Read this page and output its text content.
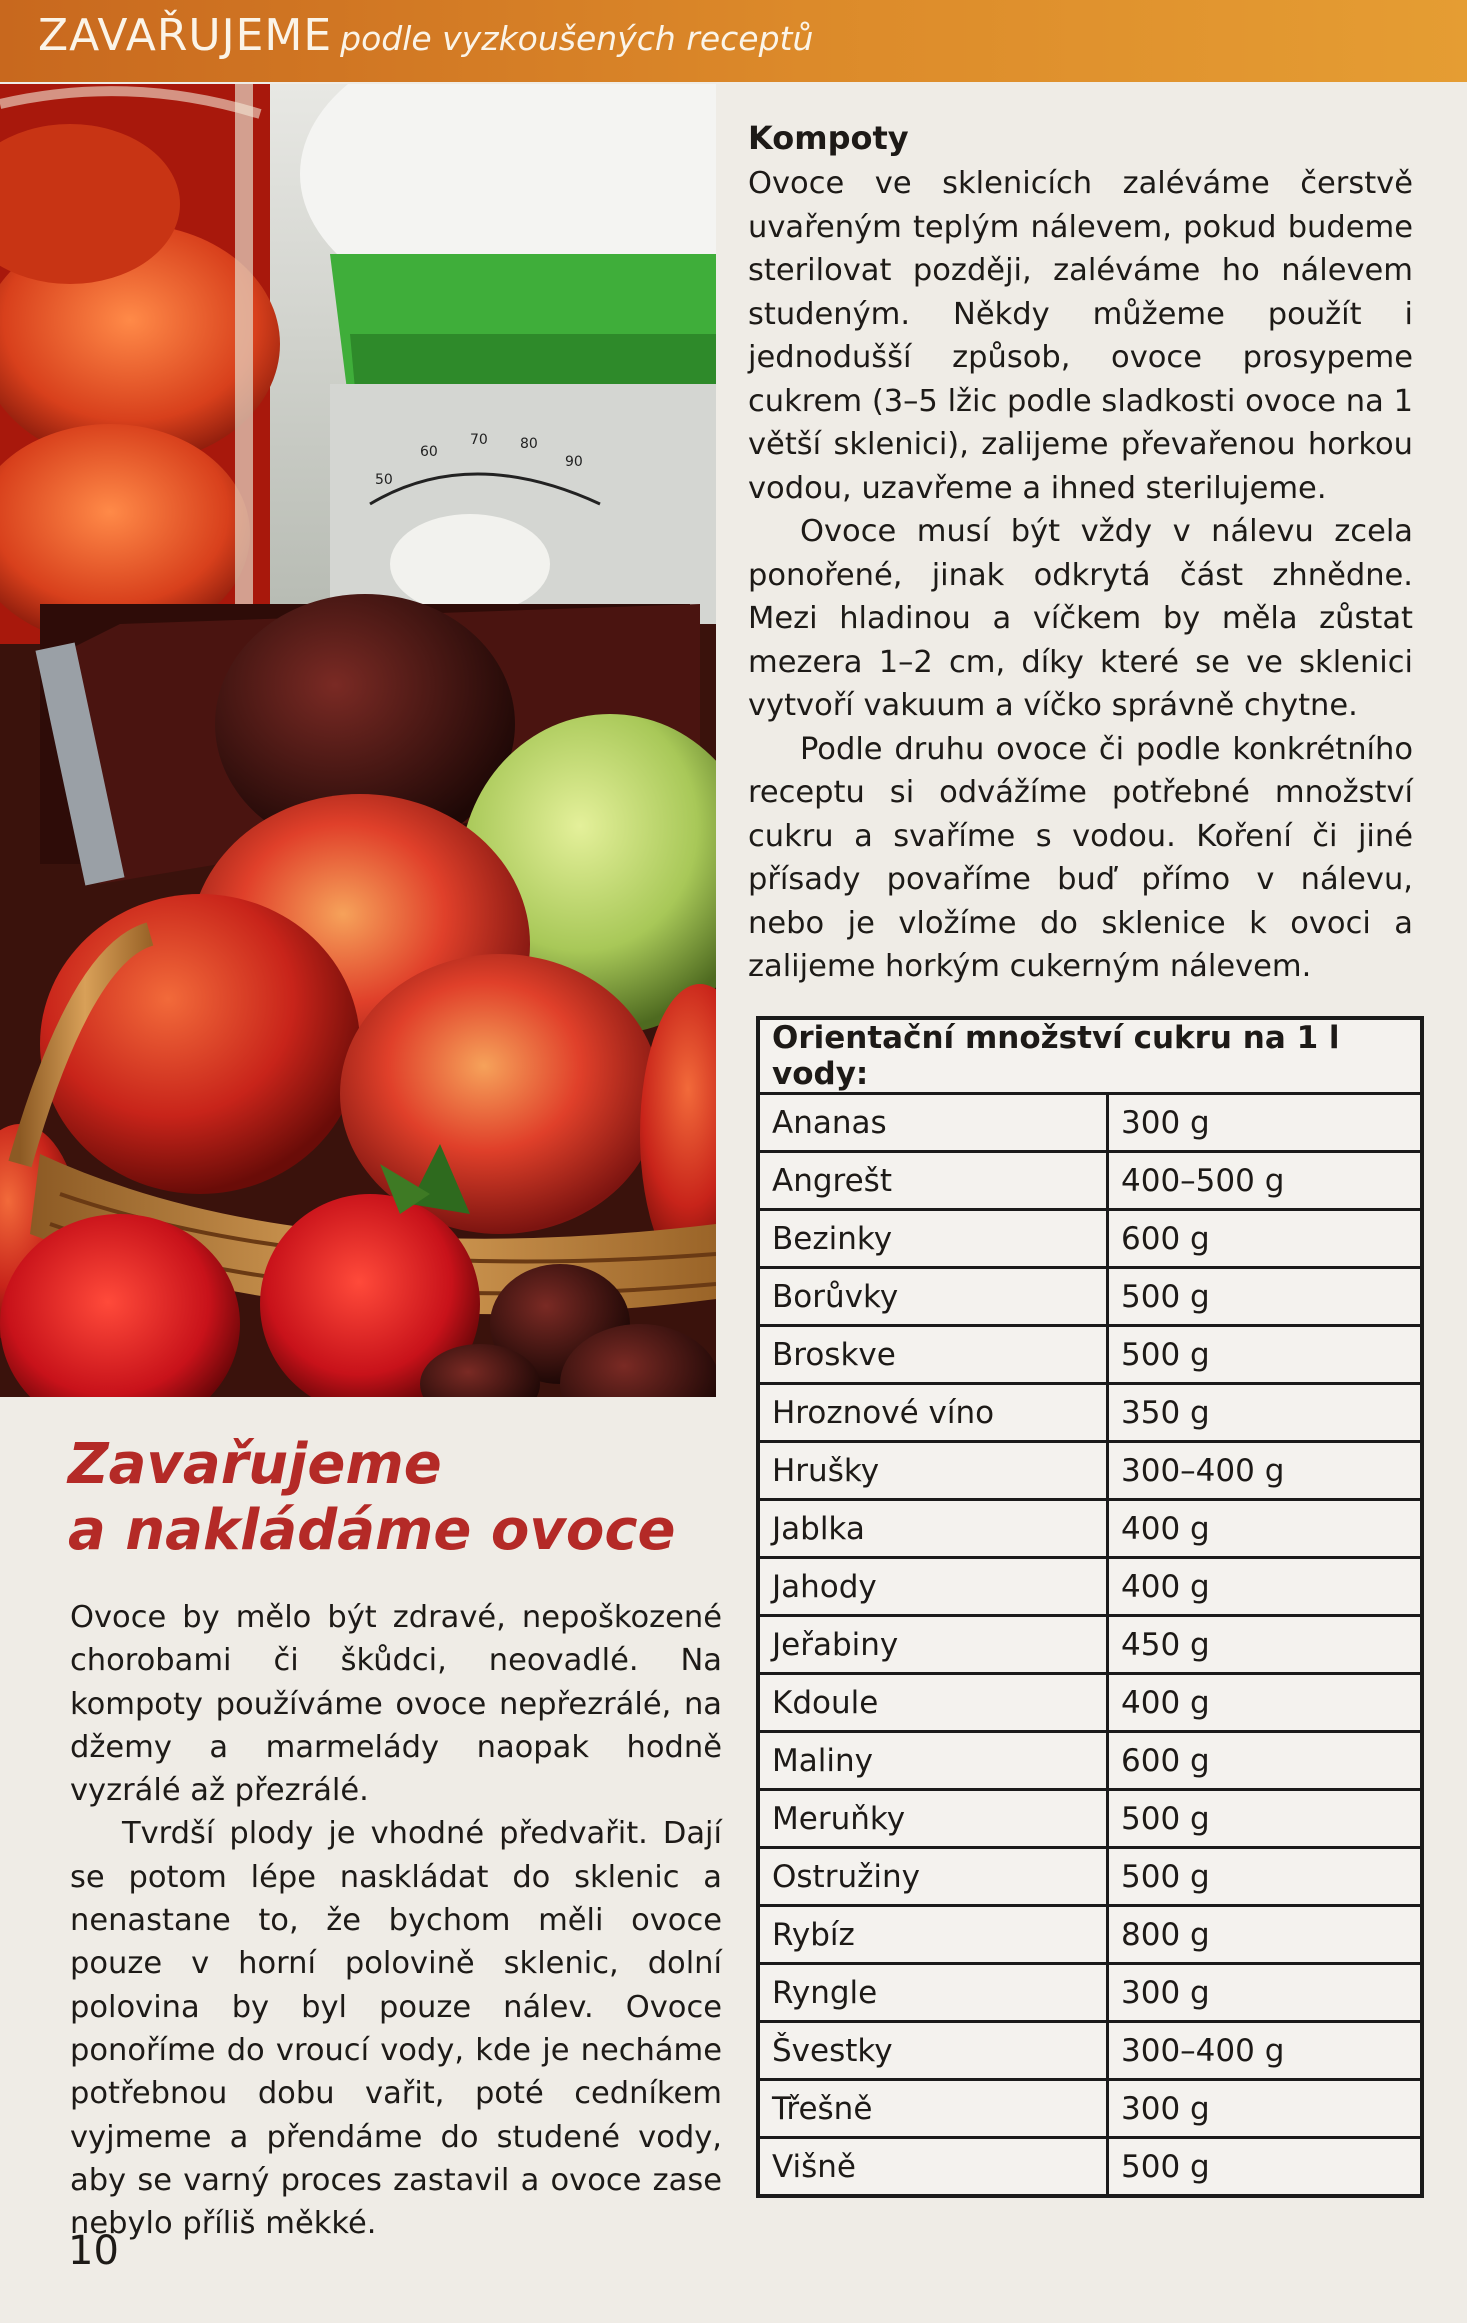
ZAVAŘUJEME podle vyzkoušených receptů
50
60
70 80
90
Kompoty

Ovoce ve sklenicích zaléváme čerstvě uvařeným teplým nálevem, pokud budeme sterilovat později, zaléváme ho nálevem studeným. Někdy můžeme použít i jednodušší způsob, ovoce prosypeme cukrem (3–5 lžic podle sladkosti ovoce na 1 větší sklenici), zalijeme převařenou horkou vodou, uzavřeme a ihned sterilujeme.

Ovoce musí být vždy v nálevu zcela ponořené, jinak odkrytá část zhnědne. Mezi hladinou a víčkem by měla zůstat mezera 1–2 cm, díky které se ve sklenici vytvoří vakuum a víčko správně chytne.

Podle druhu ovoce či podle konkrétního receptu si odvážíme potřebné množství cukru a svaříme s vodou. Koření či jiné přísady povaříme buď přímo v nálevu, nebo je vložíme do sklenice k ovoci a zalijeme horkým cukerným nálevem.

Orientační množství cukru na 1 l vody:	
Ananas	300 g
Angrešt	400–500 g
Bezinky	600 g
Borůvky	500 g
Broskve	500 g
Hroznové víno	350 g
Hrušky	300–400 g
Jablka	400 g
Jahody	400 g
Jeřabiny	450 g
Kdoule	400 g
Maliny	600 g
Meruňky	500 g
Ostružiny	500 g
Rybíz	800 g
Ryngle	300 g
Švestky	300–400 g
Třešně	300 g
Višně	500 g
Zavařujeme
a nakládáme ovoce

Ovoce by mělo být zdravé, nepoškozené chorobami či škůdci, neovadlé. Na kompoty používáme ovoce nepřezrálé, na džemy a marmelády naopak hodně vyzrálé až přezrálé.

Tvrdší plody je vhodné předvařit. Dají se potom lépe naskládat do sklenic a nenastane to, že bychom měli ovoce pouze v horní polovině sklenic, dolní polovina by byl pouze nálev. Ovoce ponoříme do vroucí vody, kde je necháme potřebnou dobu vařit, poté cedníkem vyjmeme a přendáme do studené vody, aby se varný proces zastavil a ovoce zase nebylo příliš měkké.

10
